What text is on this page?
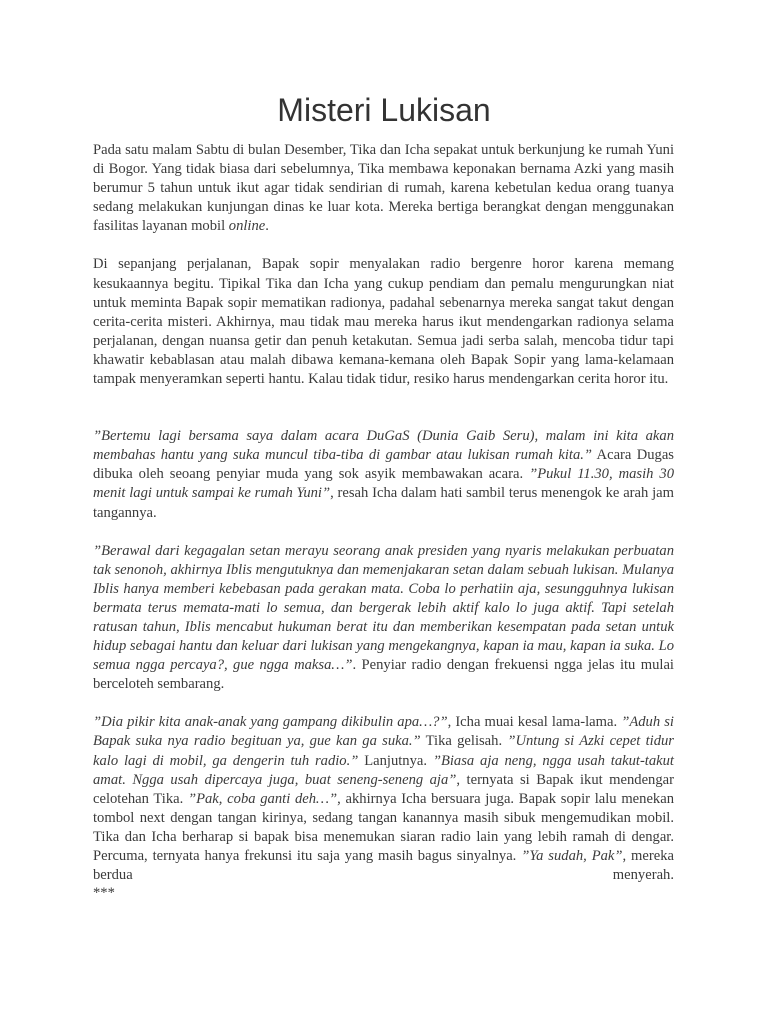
Misteri Lukisan

Pada satu malam Sabtu di bulan Desember, Tika dan Icha sepakat untuk berkunjung ke rumah Yuni di Bogor. Yang tidak biasa dari sebelumnya, Tika membawa keponakan bernama Azki yang masih berumur 5 tahun untuk ikut agar tidak sendirian di rumah, karena kebetulan kedua orang tuanya sedang melakukan kunjungan dinas ke luar kota. Mereka bertiga berangkat dengan menggunakan fasilitas layanan mobil online.

Di sepanjang perjalanan, Bapak sopir menyalakan radio bergenre horor karena memang kesukaannya begitu. Tipikal Tika dan Icha yang cukup pendiam dan pemalu mengurungkan niat untuk meminta Bapak sopir mematikan radionya, padahal sebenarnya mereka sangat takut dengan cerita-cerita misteri. Akhirnya, mau tidak mau mereka harus ikut mendengarkan radionya selama perjalanan, dengan nuansa getir dan penuh ketakutan. Semua jadi serba salah, mencoba tidur tapi khawatir kebablasan atau malah dibawa kemana-kemana oleh Bapak Sopir yang lama-kelamaan tampak menyeramkan seperti hantu. Kalau tidak tidur, resiko harus mendengarkan cerita horor itu.

”Bertemu lagi bersama saya dalam acara DuGaS (Dunia Gaib Seru), malam ini kita akan membahas hantu yang suka muncul tiba-tiba di gambar atau lukisan rumah kita.” Acara Dugas dibuka oleh seoang penyiar muda yang sok asyik membawakan acara. ”Pukul 11.30, masih 30 menit lagi untuk sampai ke rumah Yuni”, resah Icha dalam hati sambil terus menengok ke arah jam tangannya.

”Berawal dari kegagalan setan merayu seorang anak presiden yang nyaris melakukan perbuatan tak senonoh, akhirnya Iblis mengutuknya dan memenjakaran setan dalam sebuah lukisan. Mulanya Iblis hanya memberi kebebasan pada gerakan mata. Coba lo perhatiin aja, sesungguhnya lukisan bermata terus memata-mati lo semua, dan bergerak lebih aktif kalo lo juga aktif. Tapi setelah ratusan tahun, Iblis mencabut hukuman berat itu dan memberikan kesempatan pada setan untuk hidup sebagai hantu dan keluar dari lukisan yang mengekangnya, kapan ia mau, kapan ia suka. Lo semua ngga percaya?, gue ngga maksa…”. Penyiar radio dengan frekuensi ngga jelas itu mulai berceloteh sembarang.

”Dia pikir kita anak-anak yang gampang dikibulin apa…?”, Icha muai kesal lama-lama. ”Aduh si Bapak suka nya radio begituan ya, gue kan ga suka.” Tika gelisah. ”Untung si Azki cepet tidur kalo lagi di mobil, ga dengerin tuh radio.” Lanjutnya. ”Biasa aja neng, ngga usah takut-takut amat. Ngga usah dipercaya juga, buat seneng-seneng aja”, ternyata si Bapak ikut mendengar celotehan Tika. ”Pak, coba ganti deh…”, akhirnya Icha bersuara juga. Bapak sopir lalu menekan tombol next dengan tangan kirinya, sedang tangan kanannya masih sibuk mengemudikan mobil. Tika dan Icha berharap si bapak bisa menemukan siaran radio lain yang lebih ramah di dengar. Percuma, ternyata hanya frekunsi itu saja yang masih bagus sinyalnya. ”Ya sudah, Pak”, mereka berdua menyerah.

***
